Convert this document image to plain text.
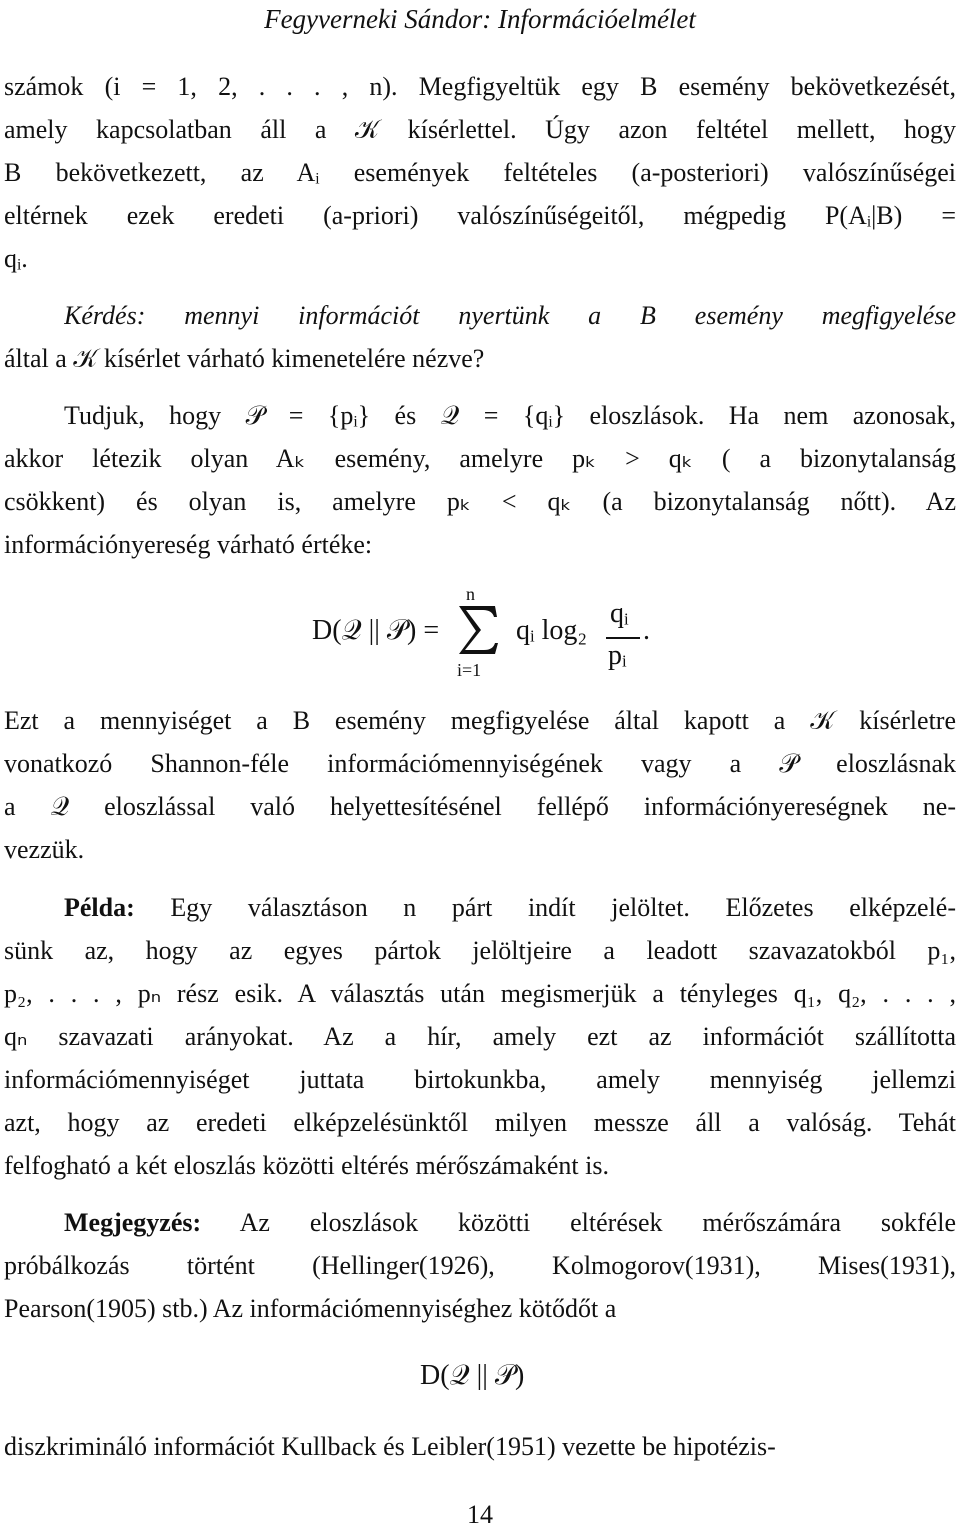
Fegyverneki Sándor: Információelmélet
számok (i = 1, 2, . . . , n). Megfigyeltük egy B esemény bekövetkezését,
amely kapcsolatban áll a 𝒦 kísérlettel. Úgy azon feltétel mellett, hogy
B bekövetkezett, az Aᵢ események feltételes (a-posteriori) valószínűségei
eltérnek ezek eredeti (a-priori) valószínűségeitől, mégpedig P(Aᵢ|B) =
qᵢ.
Kérdés: mennyi információt nyertünk a B esemény megfigyelése
által a 𝒦 kísérlet várható kimenetelére nézve?
Tudjuk, hogy 𝒫 = {pᵢ} és 𝒬 = {qᵢ} eloszlások. Ha nem azonosak,
akkor létezik olyan Aₖ esemény, amelyre pₖ > qₖ ( a bizonytalanság
csökkent) és olyan is, amelyre pₖ < qₖ (a bizonytalanság nőtt). Az
információnyereség várható értéke:
D(𝒬 || 𝒫) =
n
i=1
qᵢ log₂
qᵢ
pᵢ
.
Ezt a mennyiséget a B esemény megfigyelése által kapott a 𝒦 kísérletre
vonatkozó Shannon-féle információmennyiségének vagy a 𝒫 eloszlásnak
a 𝒬 eloszlással való helyettesítésénel fellépő információnyereségnek ne-
vezzük.
Példa: Egy választáson n párt indít jelöltet. Előzetes elképzelé-
sünk az, hogy az egyes pártok jelöltjeire a leadott szavazatokból p₁,
p₂, . . . , pₙ rész esik. A választás után megismerjük a tényleges q₁, q₂, . . . ,
qₙ szavazati arányokat. Az a hír, amely ezt az információt szállította
információmennyiséget juttata birtokunkba, amely mennyiség jellemzi
azt, hogy az eredeti elképzelésünktől milyen messze áll a valóság. Tehát
felfogható a két eloszlás közötti eltérés mérőszámaként is.
Megjegyzés: Az eloszlások közötti eltérések mérőszámára sokféle
próbálkozás történt (Hellinger(1926), Kolmogorov(1931), Mises(1931),
Pearson(1905) stb.) Az információmennyiséghez kötődőt a
D(𝒬 || 𝒫)
diszkrimináló információt Kullback és Leibler(1951) vezette be hipotézis-
14
